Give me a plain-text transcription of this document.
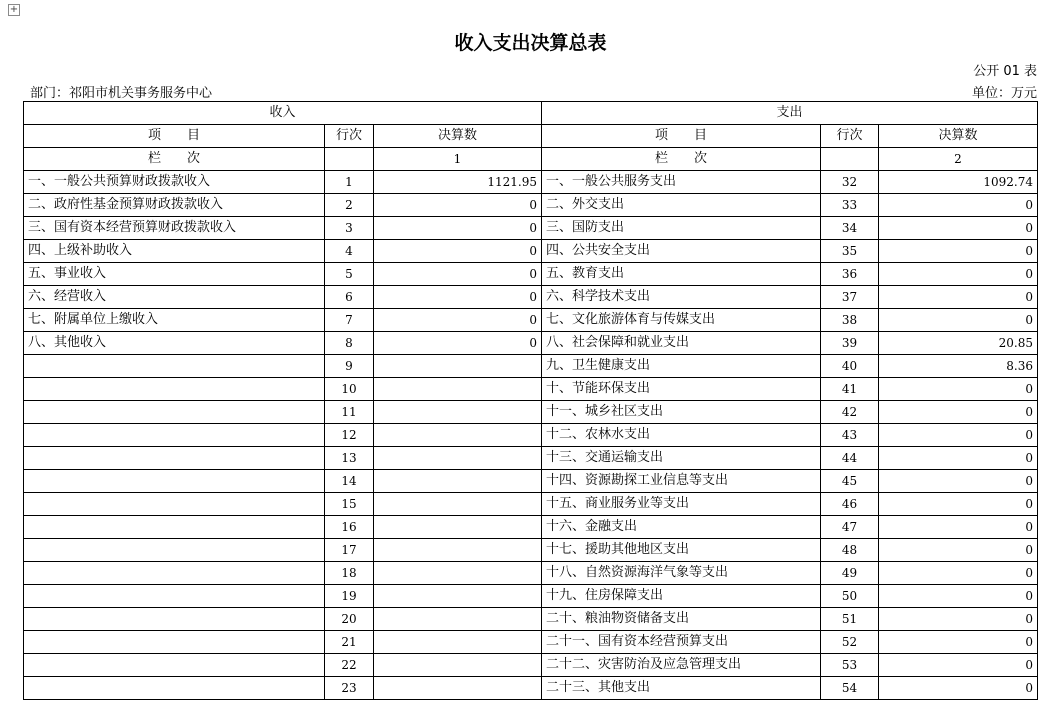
+
收入支出决算总表
公开 01 表
部门：祁阳市机关事务服务中心	单位：万元
收入			支出		
项　　目	行次	决算数	项　　目	行次	决算数
栏　　次		1	栏　　次		2
一、一般公共预算财政拨款收入	1	1121.95	一、一般公共服务支出	32	1092.74
二、政府性基金预算财政拨款收入	2	0	二、外交支出	33	0
三、国有资本经营预算财政拨款收入	3	0	三、国防支出	34	0
四、上级补助收入	4	0	四、公共安全支出	35	0
五、事业收入	5	0	五、教育支出	36	0
六、经营收入	6	0	六、科学技术支出	37	0
七、附属单位上缴收入	7	0	七、文化旅游体育与传媒支出	38	0
八、其他收入	8	0	八、社会保障和就业支出	39	20.85
	9		九、卫生健康支出	40	8.36
	10		十、节能环保支出	41	0
	11		十一、城乡社区支出	42	0
	12		十二、农林水支出	43	0
	13		十三、交通运输支出	44	0
	14		十四、资源勘探工业信息等支出	45	0
	15		十五、商业服务业等支出	46	0
	16		十六、金融支出	47	0
	17		十七、援助其他地区支出	48	0
	18		十八、自然资源海洋气象等支出	49	0
	19		十九、住房保障支出	50	0
	20		二十、粮油物资储备支出	51	0
	21		二十一、国有资本经营预算支出	52	0
	22		二十二、灾害防治及应急管理支出	53	0
	23		二十三、其他支出	54	0
